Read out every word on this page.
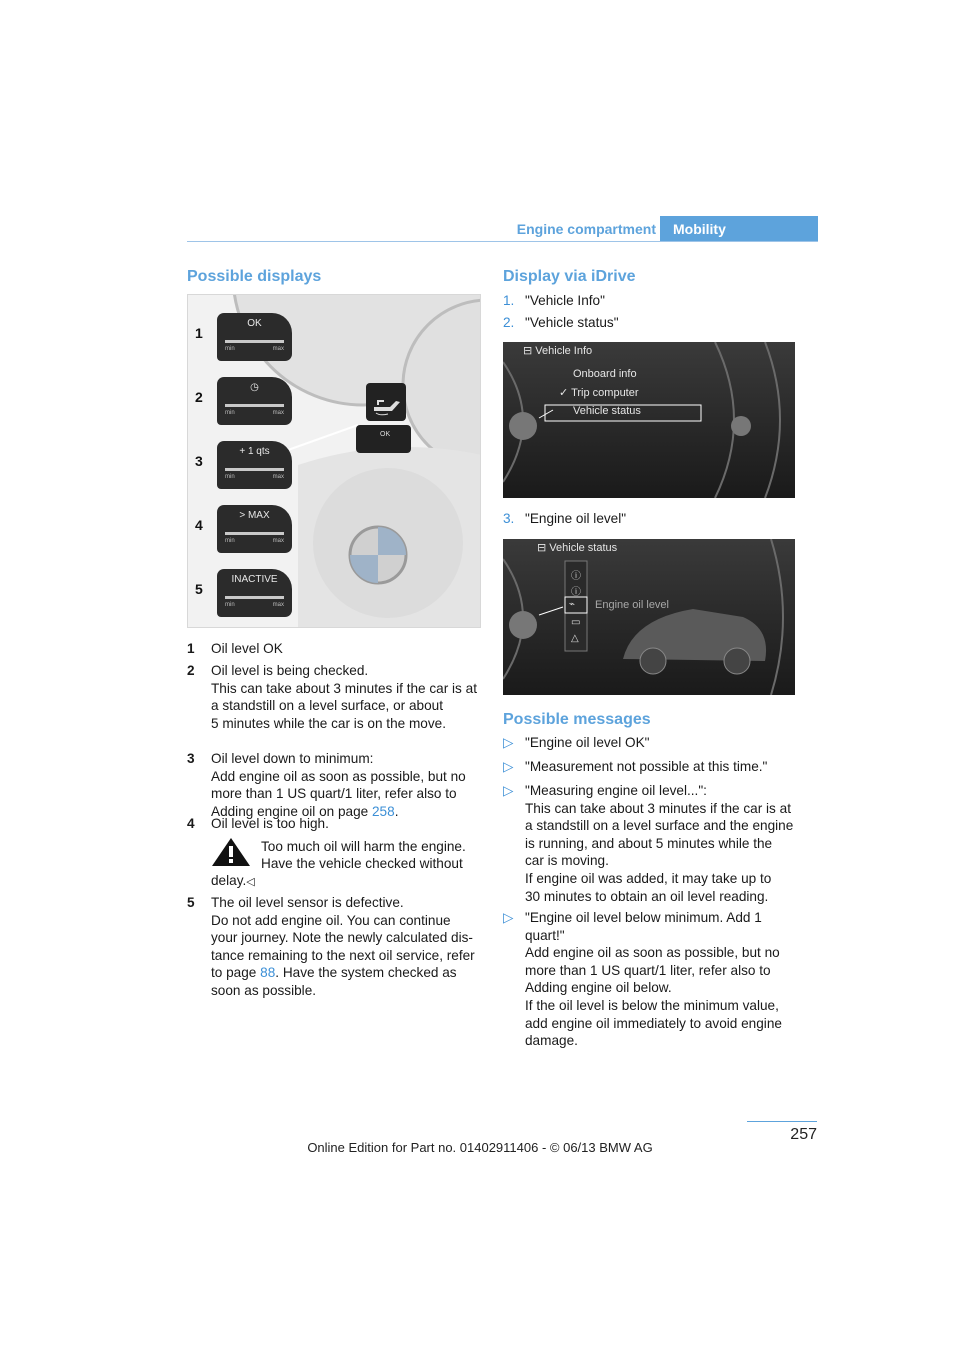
Engine compartment	Mobility
Possible displays
OK
1
OK
min	max
2
◷
min	max
3
+ 1 qts
min	max
4
> MAX
min	max
5
INACTIVE
min	max
1 Oil level OK
2 Oil level is being checked.
This can take about 3 minutes if the car is at
a standstill on a level surface, or about
5 minutes while the car is on the move.
3 Oil level down to minimum:
Add engine oil as soon as possible, but no
more than 1 US quart/1 liter, refer also to
Adding engine oil on page 258.
4 Oil level is too high.
5 The oil level sensor is defective.
Do not add engine oil. You can continue
your journey. Note the newly calculated dis-
tance remaining to the next oil service, refer
to page 88. Have the system checked as
soon as possible.
Too much oil will harm the engine.
Have the vehicle checked without
delay.◁
Display via iDrive
1. "Vehicle Info"
2. "Vehicle status"
3. "Engine oil level"
⊟ Vehicle Info
Onboard info
✓ Trip computer
Vehicle status
⊟ Vehicle status
ⓘ
ⓘ
⌁
▭
△
Engine oil level
Possible messages
▷ "Engine oil level OK"
▷ "Measurement not possible at this time."
▷ "Measuring engine oil level...":
This can take about 3 minutes if the car is at
a standstill on a level surface and the engine
is running, and about 5 minutes while the
car is moving.
If engine oil was added, it may take up to
30 minutes to obtain an oil level reading.
▷ "Engine oil level below minimum. Add 1
quart!"
Add engine oil as soon as possible, but no
more than 1 US quart/1 liter, refer also to
Adding engine oil below.
If the oil level is below the minimum value,
add engine oil immediately to avoid engine
damage.
257
Online Edition for Part no. 01402911406 - © 06/13 BMW AG
